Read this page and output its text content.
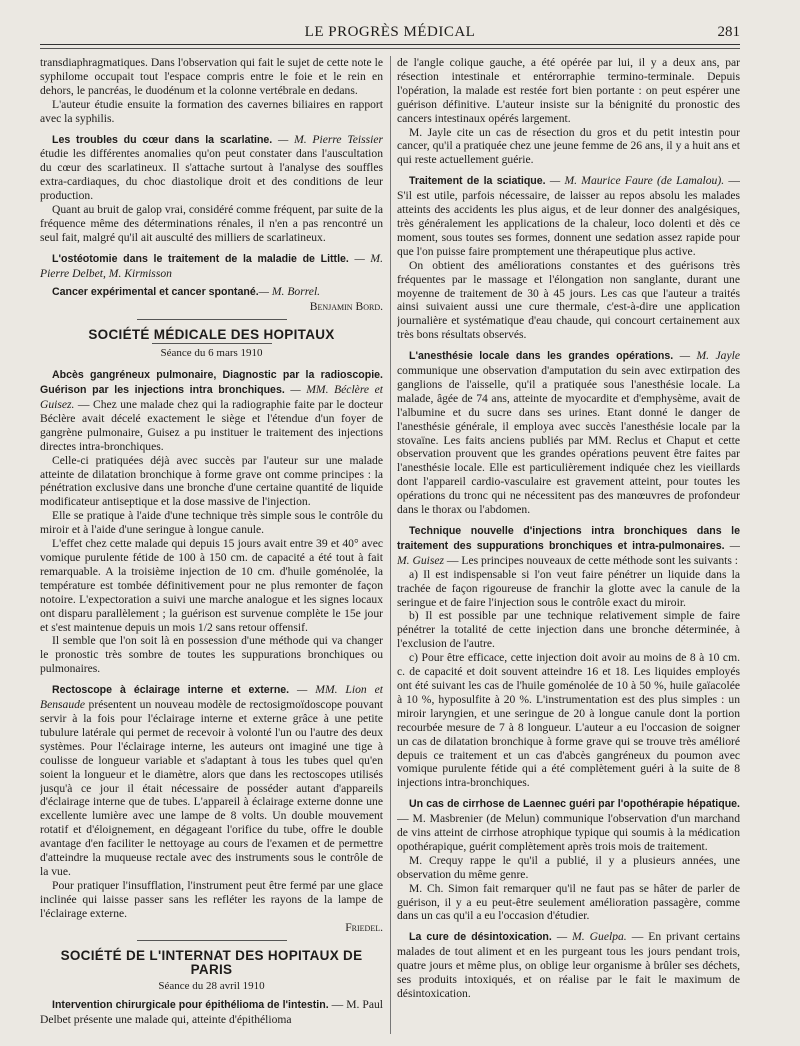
LE PROGRÈS MÉDICAL	281

transdiaphragmatiques. Dans l'observation qui fait le sujet de cette note le syphilome occupait tout l'espace compris entre le foie et le rein en dehors, le pancréas, le duodénum et la colonne vertébrale en dedans.

L'auteur étudie ensuite la formation des cavernes biliaires en rapport avec la syphilis.

Les troubles du cœur dans la scarlatine. — M. Pierre Teissier étudie les différentes anomalies qu'on peut constater dans l'auscultation du cœur des scarlatineux. Il s'attache surtout à l'analyse des souffles extra-cardiaques, du choc diastolique droit et des conditions de leur production.

Quant au bruit de galop vrai, considéré comme fréquent, par suite de la fréquence même des déterminations rénales, il n'en a pas rencontré un seul fait, malgré qu'il ait ausculté des milliers de scarlatineux.

L'ostéotomie dans le traitement de la maladie de Little. — M. Pierre Delbet, M. Kirmisson

Cancer expérimental et cancer spontané.— M. Borrel.

Benjamin Bord.

SOCIÉTÉ MÉDICALE DES HOPITAUX

Séance du 6 mars 1910

Abcès gangréneux pulmonaire, Diagnostic par la radioscopie. Guérison par les injections intra bronchiques. — MM. Béclère et Guisez. — Chez une malade chez qui la radiographie faite par le docteur Béclère avait décelé exactement le siège et l'étendue d'un foyer de gangrène pulmonaire, Guisez a pu instituer le traitement des injections directes intra-bronchiques.

Celle-ci pratiquées déjà avec succès par l'auteur sur une malade atteinte de dilatation bronchique à forme grave ont comme principes : la pénétration exclusive dans une bronche d'une certaine quantité de liquide modificateur antiseptique et la dose massive de l'injection.

Elle se pratique à l'aide d'une technique très simple sous le contrôle du miroir et à l'aide d'une seringue à longue canule.

L'effet chez cette malade qui depuis 15 jours avait entre 39 et 40° avec vomique purulente fétide de 100 à 150 cm. de capacité a été tout à fait remarquable. A la troisième injection de 10 cm. d'huile goménolée, la température est tombée définitivement pour ne plus remonter de façon notoire. L'expectoration a suivi une marche analogue et les signes locaux ont disparu parallèlement ; la guérison est survenue complète le 15e jour et s'est maintenue depuis un mois 1/2 sans retour offensif.

Il semble que l'on soit là en possession d'une méthode qui va changer le pronostic très sombre de toutes les suppurations bronchiques ou pulmonaires.

Rectoscope à éclairage interne et externe. — MM. Lion et Bensaude présentent un nouveau modèle de rectosigmoïdoscope pouvant servir à la fois pour l'éclairage interne et externe grâce à une petite tubulure latérale qui permet de recevoir à volonté l'un ou l'autre des deux systèmes. Pour l'éclairage interne, les auteurs ont imaginé une tige à coulisse de longueur variable et s'adaptant à tous les tubes quel qu'en soient la longueur et le diamètre, alors que dans les rectoscopes utilisés jusqu'à ce jour il était nécessaire de posséder autant d'appareils d'éclairage interne que de tubes. L'appareil à éclairage externe donne une excellente lumière avec une lampe de 8 volts. Un double mouvement rotatif et d'éloignement, en dégageant l'orifice du tube, offre le double avantage d'en faciliter le nettoyage au cours de l'examen et de permettre d'atteindre la muqueuse rectale avec des instruments sous le contrôle de la vue.

Pour pratiquer l'insufflation, l'instrument peut être fermé par une glace inclinée qui laisse passer sans les refléter les rayons de la lampe de l'éclairage externe.

Friedel.

SOCIÉTÉ DE L'INTERNAT DES HOPITAUX DE PARIS

Séance du 28 avril 1910

Intervention chirurgicale pour épithélioma de l'intestin. — M. Paul Delbet présente une malade qui, atteinte d'épithélioma

de l'angle colique gauche, a été opérée par lui, il y a deux ans, par résection intestinale et entérorraphie termino-terminale. Depuis l'opération, la malade est restée fort bien portante : on peut espérer une guérison définitive. L'auteur insiste sur la bénignité du pronostic des cancers intestinaux opérés largement.

M. Jayle cite un cas de résection du gros et du petit intestin pour cancer, qu'il a pratiquée chez une jeune femme de 26 ans, il y a huit ans et qui reste actuellement guérie.

Traitement de la sciatique. — M. Maurice Faure (de Lamalou). — S'il est utile, parfois nécessaire, de laisser au repos absolu les malades atteints des accidents les plus aigus, et de leur donner des analgésiques, très généralement les applications de la chaleur, loco dolenti et dès ce moment, sous toutes ses formes, donnent une sedation assez rapide pour que l'on puisse faire promptement une thérapeutique plus active.

On obtient des améliorations constantes et des guérisons très fréquentes par le massage et l'élongation non sanglante, durant une moyenne de traitement de 30 à 45 jours. Les cas que l'auteur a traités ainsi suivaient aussi une cure thermale, c'est-à-dire une application journalière et systématique d'eau chaude, qui concourt certainement aux très bons résultats observés.

L'anesthésie locale dans les grandes opérations. — M. Jayle communique une observation d'amputation du sein avec extirpation des ganglions de l'aisselle, qu'il a pratiquée sous l'anesthésie locale. La malade, âgée de 74 ans, atteinte de myocardite et d'emphysème, avait de l'albumine et du sucre dans ses urines. Etant donné le danger de l'anesthésie générale, il employa avec succès l'anesthésie locale par la stovaïne. Les faits anciens publiés par MM. Reclus et Chaput et cette observation prouvent que les grandes opérations peuvent être faites par l'anesthésie locale. Elle est particulièrement indiquée chez les vieillards dont l'appareil cardio-vasculaire est gravement atteint, pour toutes les opérations du tronc qui ne nécessitent pas des manœuvres de profondeur dans le thorax ou l'abdomen.

Technique nouvelle d'injections intra bronchiques dans le traitement des suppurations bronchiques et intra-pulmonaires. — M. Guisez — Les principes nouveaux de cette méthode sont les suivants :

a) Il est indispensable si l'on veut faire pénétrer un liquide dans la trachée de façon rigoureuse de franchir la glotte avec la canule de la seringue et de faire l'injection sous le contrôle exact du miroir.

b) Il est possible par une technique relativement simple de faire pénétrer la totalité de cette injection dans une bronche déterminée, à l'exclusion de l'autre.

c) Pour être efficace, cette injection doit avoir au moins de 8 à 10 cm. c. de capacité et doit souvent atteindre 16 et 18. Les liquides employés ont été suivant les cas de l'huile goménolée de 10 à 50 %, huile gaïacolée à 10 %, hyposulfite à 20 %. L'instrumentation est des plus simples : un miroir laryngien, et une seringue de 20 à longue canule dont la portion recourbée mesure de 7 à 8 longueur. L'auteur a eu l'occasion de soigner un cas de dilatation bronchique à forme grave qui se trouve très amélioré depuis ce traitement et un cas d'abcès gangréneux du poumon avec vomique purulente fétide qui a été complètement guéri à la suite de 8 injections intra-bronchiques.

Un cas de cirrhose de Laennec guéri par l'opothérapie hépatique. — M. Masbrenier (de Melun) communique l'observation d'un marchand de vins atteint de cirrhose atrophique typique qui soumis à la médication opothérapique, guérit complètement après trois mois de traitement.

M. Crequy rappe le qu'il a publié, il y a plusieurs années, une observation du même genre.

M. Ch. Simon fait remarquer qu'il ne faut pas se hâter de parler de guérison, il y a eu peut-être seulement amélioration passagère, comme dans un cas qu'il a eu l'occasion d'étudier.

La cure de désintoxication. — M. Guelpa. — En privant certains malades de tout aliment et en les purgeant tous les jours pendant trois, quatre jours et même plus, on oblige leur organisme à brûler ses déchets, ses produits intoxiqués, et on réalise par le fait le maximum de désintoxication.
